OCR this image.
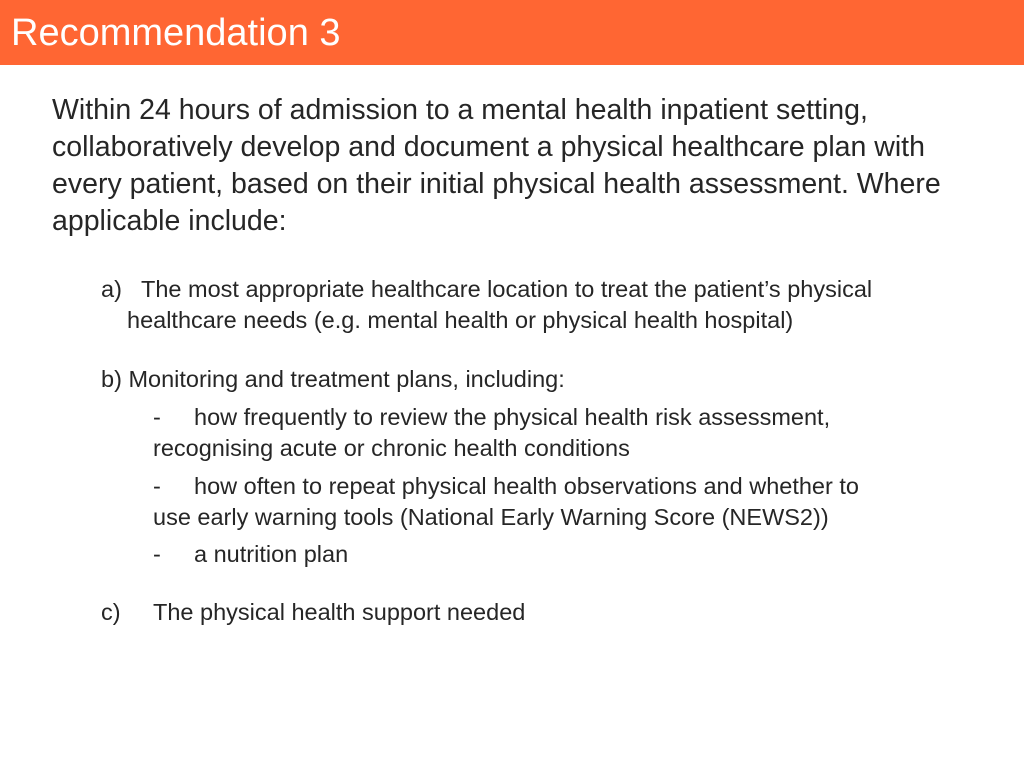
Recommendation 3
Within 24 hours of admission to a mental health inpatient setting, collaboratively develop and document a physical healthcare plan with every patient, based on their initial physical health assessment. Where applicable include:
a) The most appropriate healthcare location to treat the patient’s physical
healthcare needs (e.g. mental health or physical health hospital)
b) Monitoring and treatment plans, including:
- how frequently to review the physical health risk assessment,
recognising acute or chronic health conditions
- how often to repeat physical health observations and whether to
use early warning tools (National Early Warning Score (NEWS2))
- a nutrition plan
c) The physical health support needed
